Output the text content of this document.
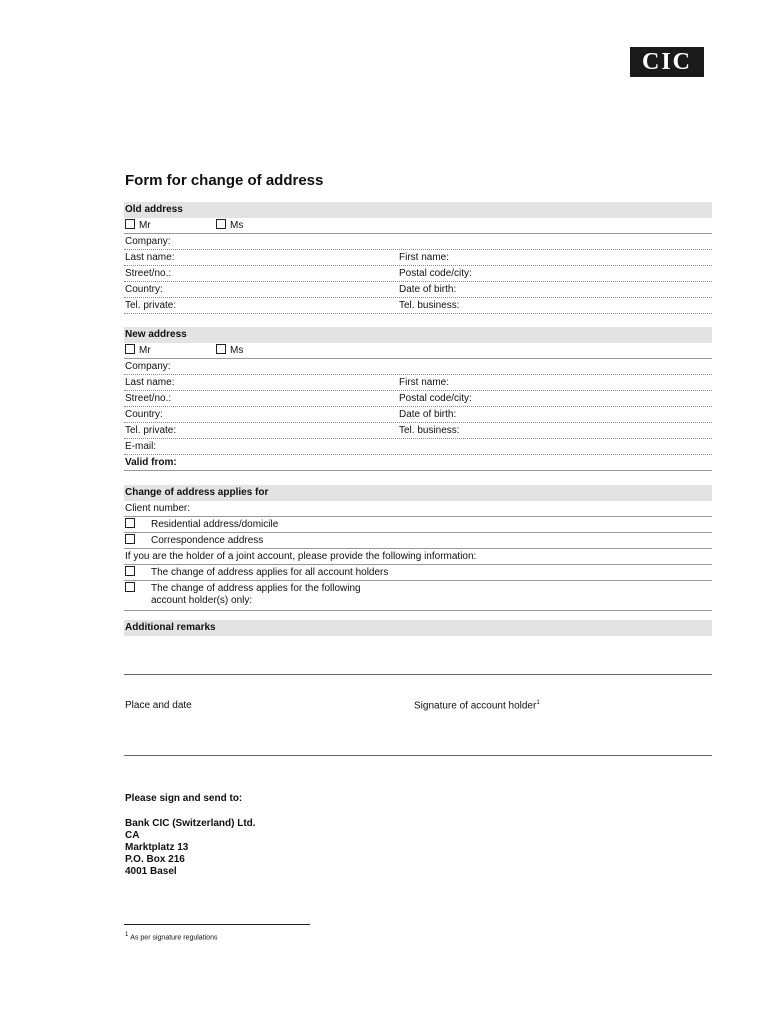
CIC
Form for change of address
Old address
Mr	Ms
Company:
Last name:	First name:
Street/no.:	Postal code/city:
Country:	Date of birth:
Tel. private:	Tel. business:
New address
Mr	Ms
Company:
Last name:	First name:
Street/no.:	Postal code/city:
Country:	Date of birth:
Tel. private:	Tel. business:
E-mail:
Valid from:
Change of address applies for
Client number:
Residential address/domicile
Correspondence address
If you are the holder of a joint account, please provide the following information:
The change of address applies for all account holders
The change of address applies for the following
account holder(s) only:
Additional remarks
Place and date	Signature of account holder$^1$
Please sign and send to:
Bank CIC (Switzerland) Ltd.
CA
Marktplatz 13
P.O. Box 216
4001 Basel
$^1$ As per signature regulations
